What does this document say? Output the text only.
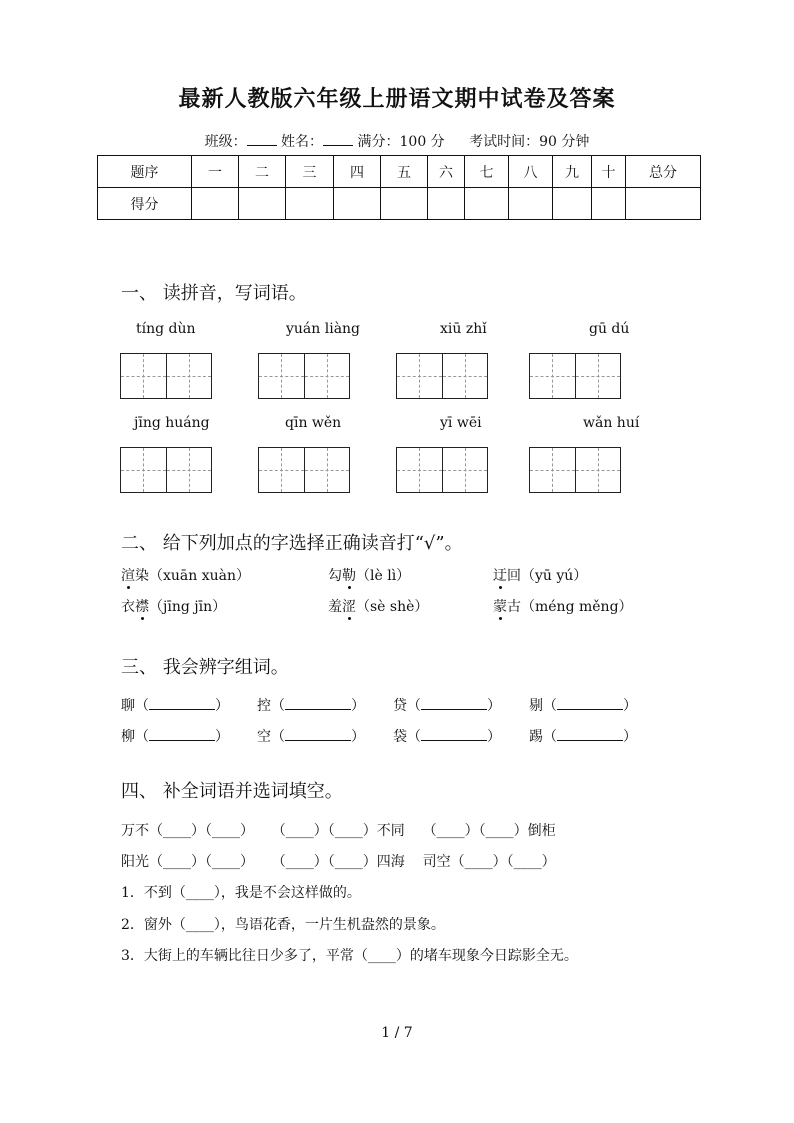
最新人教版六年级上册语文期中试卷及答案
班级： 姓名： 满分：100 分 考试时间：90 分钟
题序	一	二	三	四	五	六	七	八	九	十	总分
得分											
一、 读拼音，写词语。
tíng dùn	yuán liàng	xiū zhǐ	gū dú
jīng huáng	qīn wěn	yī wēi	wǎn huí
二、 给下列加点的字选择正确读音打“√”。
渲染（xuān xuàn）	勾勒（lè lì）	迂回（yū yú）
衣襟（jīng jīn）	羞涩（sè shè）	蒙古（méng měng）
三、 我会辨字组词。
聊（	） 控（	） 贷（	） 剔（	）
柳（	） 空（	） 袋（	） 踢（	）
四、 补全词语并选词填空。
万不（____）（____）    （____）（____）不同    （____）（____）倒柜
阳光（____）（____）    （____）（____）四海    司空（____）（____）
1．不到（____），我是不会这样做的。
2．窗外（____），鸟语花香，一片生机盎然的景象。
3．大街上的车辆比往日少多了，平常（____）的堵车现象今日踪影全无。
1 / 7
